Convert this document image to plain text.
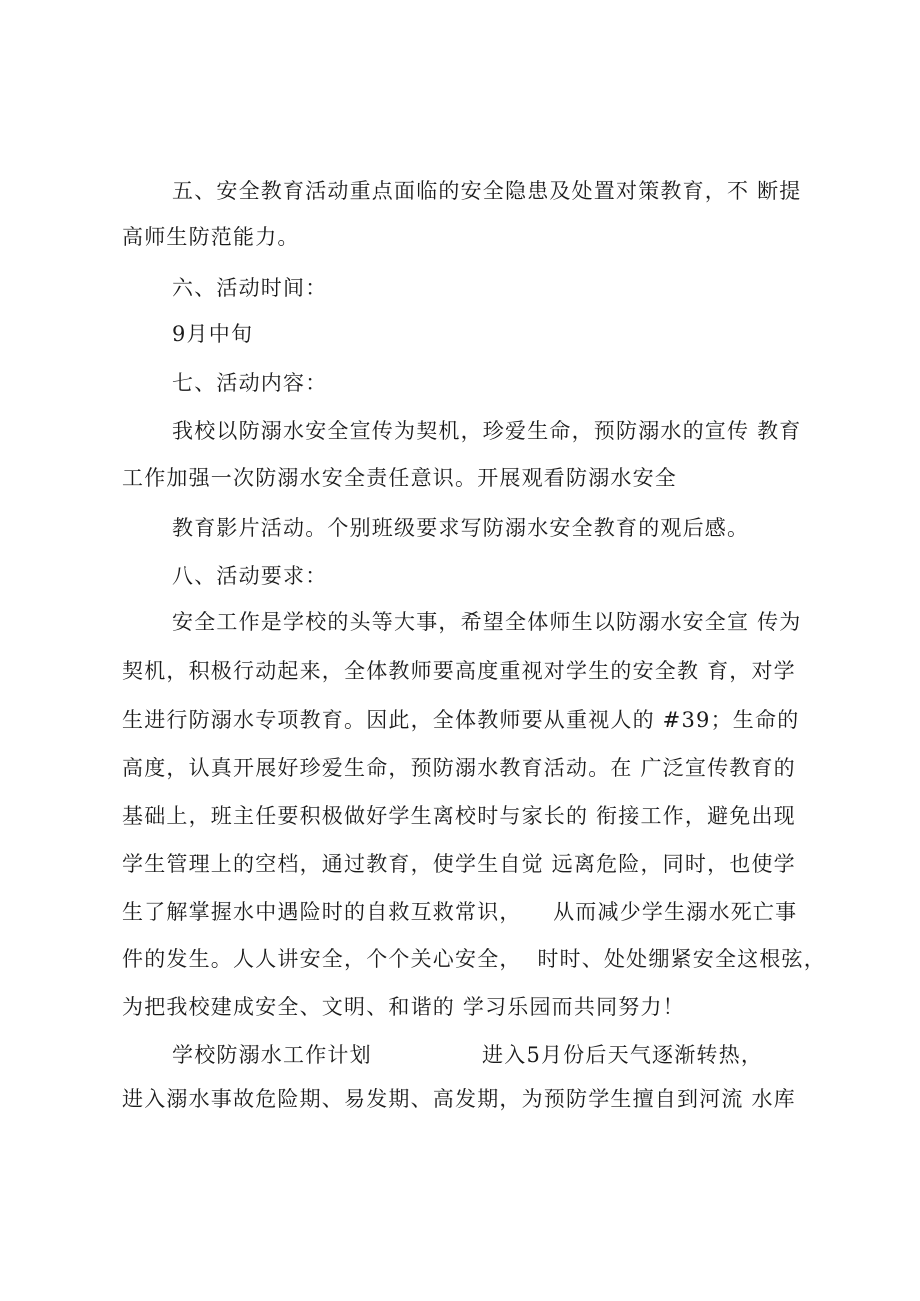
五、安全教育活动重点面临的安全隐患及处置对策教育，不 断提

高师生防范能力。

六、活动时间：

9月中旬

七、活动内容：

我校以防溺水安全宣传为契机，珍爱生命，预防溺水的宣传 教育

工作加强一次防溺水安全责任意识。开展观看防溺水安全

教育影片活动。个别班级要求写防溺水安全教育的观后感。

八、活动要求：

安全工作是学校的头等大事，希望全体师生以防溺水安全宣 传为

契机，积极行动起来，全体教师要高度重视对学生的安全教 育，对学

生进行防溺水专项教育。因此，全体教师要从重视人的 #39；生命的

高度，认真开展好珍爱生命，预防溺水教育活动。在 广泛宣传教育的

基础上，班主任要积极做好学生离校时与家长的 衔接工作，避免出现

学生管理上的空档，通过教育，使学生自觉 远离危险，同时，也使学

生了解掌握水中遇险时的自救互救常识，    从而减少学生溺水死亡事

件的发生。人人讲安全，个个关心安全，  时时、处处绷紧安全这根弦，

为把我校建成安全、文明、和谐的 学习乐园而共同努力！

学校防溺水工作计划              进入5月份后天气逐渐转热，

进入溺水事故危险期、易发期、高发期，为预防学生擅自到河流 水库
